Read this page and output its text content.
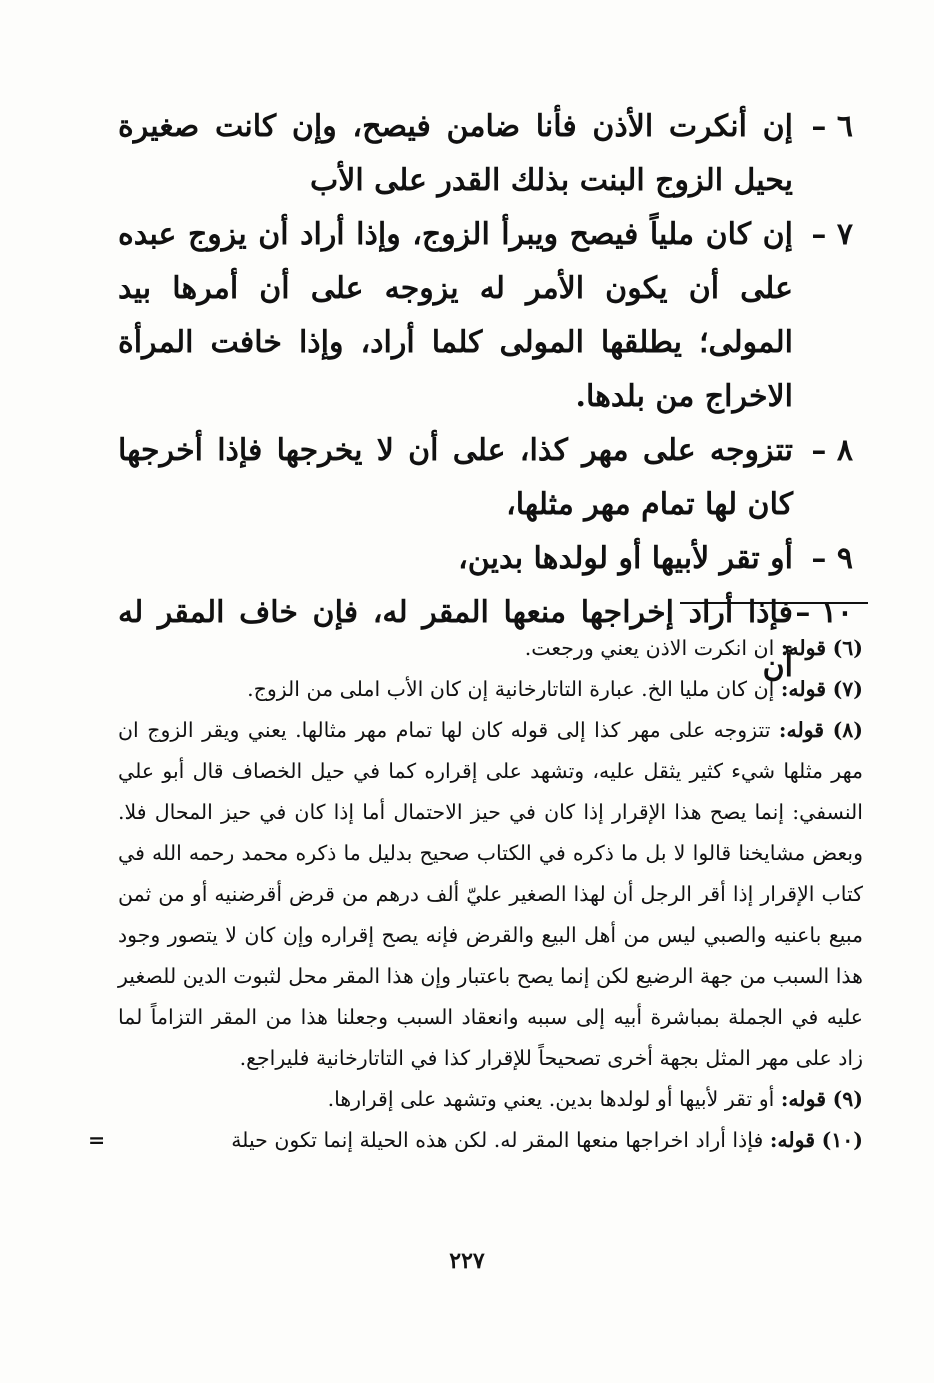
٦ –
إن أنكرت الأذن فأنا ضامن فيصح، وإن كانت صغيرة يحيل الزوج البنت بذلك القدر على الأب
٧ –
إن كان ملياً فيصح ويبرأ الزوج، وإذا أراد أن يزوج عبده على أن يكون الأمر له يزوجه على أن أمرها بيد المولى؛ يطلقها المولى كلما أراد، وإذا خافت المرأة الاخراج من بلدها.
٨ –
تتزوجه على مهر كذا، على أن لا يخرجها فإذا أخرجها كان لها تمام مهر مثلها،
٩ –
أو تقر لأبيها أو لولدها بدين،
١٠ –
فإذا أراد إخراجها منعها المقر له، فإن خاف المقر له أن

(٦) قوله: ان انكرت الاذن يعني ورجعت.

(٧) قوله: إن كان مليا الخ. عبارة التاتارخانية إن كان الأب املى من الزوج.

(٨) قوله: تتزوجه على مهر كذا إلى قوله كان لها تمام مهر مثالها. يعني ويقر الزوج ان مهر مثلها شيء كثير يثقل عليه، وتشهد على إقراره كما في حيل الخصاف قال أبو علي النسفي: إنما يصح هذا الإقرار إذا كان في حيز الاحتمال أما إذا كان في حيز المحال فلا. وبعض مشايخنا قالوا لا بل ما ذكره في الكتاب صحيح بدليل ما ذكره محمد رحمه الله في كتاب الإقرار إذا أقر الرجل أن لهذا الصغير عليّ ألف درهم من قرض أقرضنيه أو من ثمن مبيع باعنيه والصبي ليس من أهل البيع والقرض فإنه يصح إقراره وإن كان لا يتصور وجود هذا السبب من جهة الرضيع لكن إنما يصح باعتبار وإن هذا المقر محل لثبوت الدين للصغير عليه في الجملة بمباشرة أبيه إلى سببه وانعقاد السبب وجعلنا هذا من المقر التزاماً لما زاد على مهر المثل بجهة أخرى تصحيحاً للإقرار كذا في التاتارخانية فليراجع.

(٩) قوله: أو تقر لأبيها أو لولدها بدين. يعني وتشهد على إقرارها.

(١٠) قوله: فإذا أراد اخراجها منعها المقر له. لكن هذه الحيلة إنما تكون حيلة
=

٢٢٧
